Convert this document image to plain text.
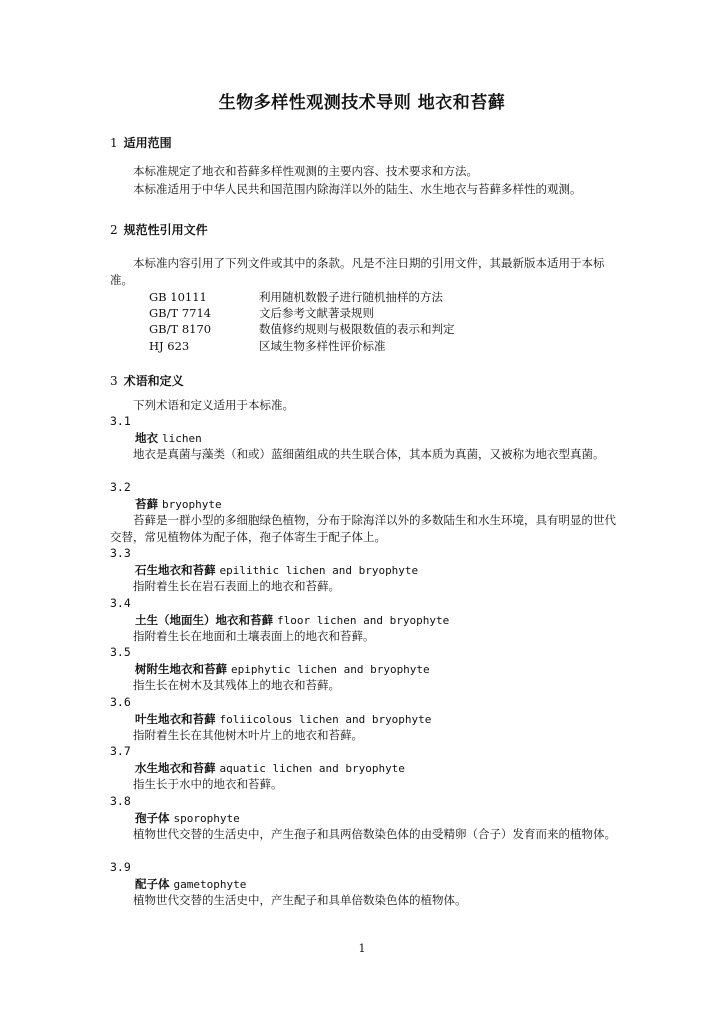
生物多样性观测技术导则 地衣和苔藓
1 适用范围

本标准规定了地衣和苔藓多样性观测的主要内容、技术要求和方法。

本标准适用于中华人民共和国范围内除海洋以外的陆生、水生地衣与苔藓多样性的观测。

2 规范性引用文件

本标准内容引用了下列文件或其中的条款。凡是不注日期的引用文件，其最新版本适用于本标准。

GB 10111	利用随机数骰子进行随机抽样的方法
GB/T 7714	文后参考文献著录规则
GB/T 8170	数值修约规则与极限数值的表示和判定
HJ 623	区域生物多样性评价标准
3 术语和定义

下列术语和定义适用于本标准。

3.1
地衣 lichen

地衣是真菌与藻类（和或）蓝细菌组成的共生联合体，其本质为真菌，又被称为地衣型真菌。

3.2
苔藓 bryophyte

苔藓是一群小型的多细胞绿色植物，分布于除海洋以外的多数陆生和水生环境，具有明显的世代交替，常见植物体为配子体，孢子体寄生于配子体上。

3.3
石生地衣和苔藓 epilithic lichen and bryophyte

指附着生长在岩石表面上的地衣和苔藓。

3.4
土生（地面生）地衣和苔藓 floor lichen and bryophyte

指附着生长在地面和土壤表面上的地衣和苔藓。

3.5
树附生地衣和苔藓 epiphytic lichen and bryophyte

指生长在树木及其残体上的地衣和苔藓。

3.6
叶生地衣和苔藓 foliicolous lichen and bryophyte

指附着生长在其他树木叶片上的地衣和苔藓。

3.7
水生地衣和苔藓 aquatic lichen and bryophyte

指生长于水中的地衣和苔藓。

3.8
孢子体 sporophyte

植物世代交替的生活史中，产生孢子和具两倍数染色体的由受精卵（合子）发育而来的植物体。

3.9
配子体 gametophyte

植物世代交替的生活史中，产生配子和具单倍数染色体的植物体。

1
